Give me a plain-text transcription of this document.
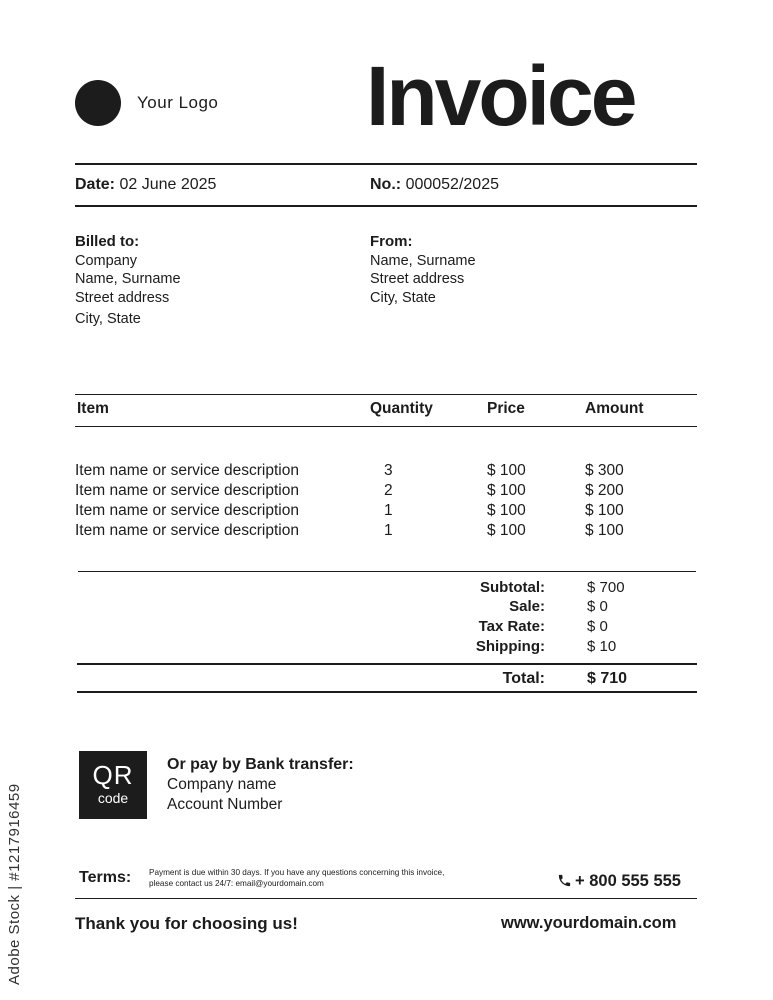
Your Logo Invoice
Date: 02 June 2025	No.: 000052/2025
Billed to:
Company
Name, Surname
Street address
City, State
From:
Name, Surname
Street address
City, State
Item	Quantity	Price	Amount
Item name or service description	3	$ 100	$ 300
Item name or service description	2	$ 100	$ 200
Item name or service description	1	$ 100	$ 100
Item name or service description	1	$ 100	$ 100
Subtotal:	$ 700
Sale:	$ 0
Tax Rate:	$ 0
Shipping:	$ 10
Total:	$ 710
QR
code
Or pay by Bank transfer:
Company name
Account Number
Terms: Payment is due within 30 days. If you have any questions concerning this invoice,
please contact us 24/7: email@yourdomain.com	+ 800 555 555
Thank you for choosing us!	www.yourdomain.com
Adobe Stock | #1217916459
